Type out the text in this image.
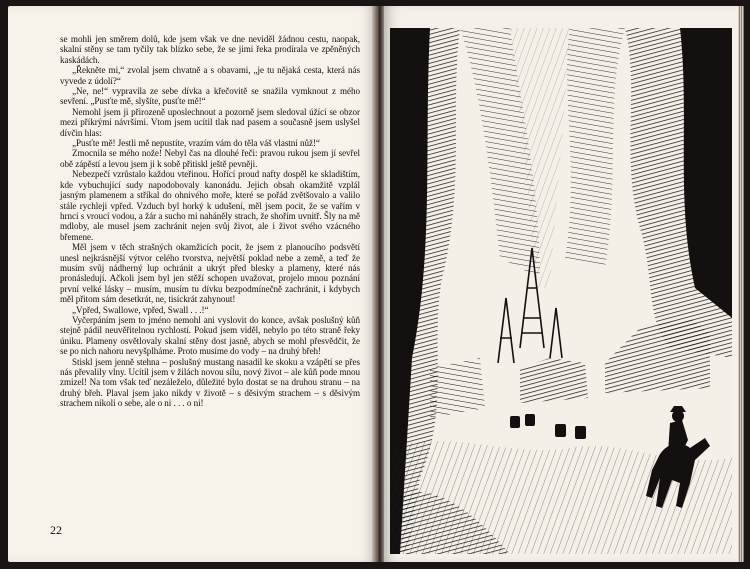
se mohli jen směrem dolů, kde jsem však ve dne neviděl žádnou cestu, naopak, skalní stěny se tam tyčily tak blízko sebe, že se jimi řeka prodírala ve zpěněných kaskádách.

„Řekněte mi,“ zvolal jsem chvatně a s obavami, „je tu nějaká cesta, která nás vyvede z údolí?“

„Ne, ne!“ vypravila ze sebe dívka a křečovitě se snažila vymknout z mého sevření. „Pusťte mě, slyšíte, pusťte mě!“

Nemohl jsem ji přirozeně uposlechnout a pozorně jsem sledoval úžící se obzor mezi příkrými návršími. Vtom jsem ucítil tlak nad pasem a současně jsem uslyšel dívčin hlas:

„Pusťte mě! Jestli mě nepustíte, vrazím vám do těla váš vlastní nůž!“

Zmocnila se mého nože! Nebyl čas na dlouhé řeči: pravou rukou jsem jí sevřel obě zápěstí a levou jsem ji k sobě přitiskl ještě pevněji.

Nebezpečí vzrůstalo každou vteřinou. Hořící proud nafty dospěl ke skladištím, kde vybuchující sudy napodobovaly kanonádu. Jejich obsah okamžitě vzplál jasným plamenem a stříkal do ohnivého moře, které se pořád zvětšovalo a valilo stále rychleji vpřed. Vzduch byl horký k udušení, měl jsem pocit, že se vařím v hrnci s vroucí vodou, a žár a sucho mi naháněly strach, že shořím uvnitř. Šly na mě mdloby, ale musel jsem zachránit nejen svůj život, ale i život svého vzácného břemene.

Měl jsem v těch strašných okamžicích pocit, že jsem z planoucího podsvětí unesl nejkrásnější výtvor celého tvorstva, největší poklad nebe a země, a teď že musím svůj nádherný lup ochránit a ukrýt před blesky a plameny, které nás pronásledují. Ačkoli jsem byl jen stěží schopen uvažovat, projelo mnou poznání první velké lásky – musím, musím tu dívku bezpodmínečně zachránit, i kdybych měl přitom sám desetkrát, ne, tisíckrát zahynout!

„Vpřed, Swallowe, vpřed, Swall . . .!“

Vyčerpáním jsem to jméno nemohl ani vyslovit do konce, avšak poslušný kůň stejně pádil neuvěřitelnou rychlostí. Pokud jsem viděl, nebylo po této straně řeky úniku. Plameny osvětlovaly skalní stěny dost jasně, abych se mohl přesvědčit, že se po nich nahoru nevyšplháme. Proto musíme do vody – na druhý břeh!

Stiskl jsem jenně stehna – poslušný mustang nasadil ke skoku a vzápětí se přes nás převalily vlny. Ucítil jsem v žilách novou sílu, nový život – ale kůň pode mnou zmizel! Na tom však teď nezáleželo, důležité bylo dostat se na druhou stranu – na druhý břeh. Plaval jsem jako nikdy v životě – s děsivým strachem – s děsivým strachem nikoli o sebe, ale o ni . . . o ni!

22
